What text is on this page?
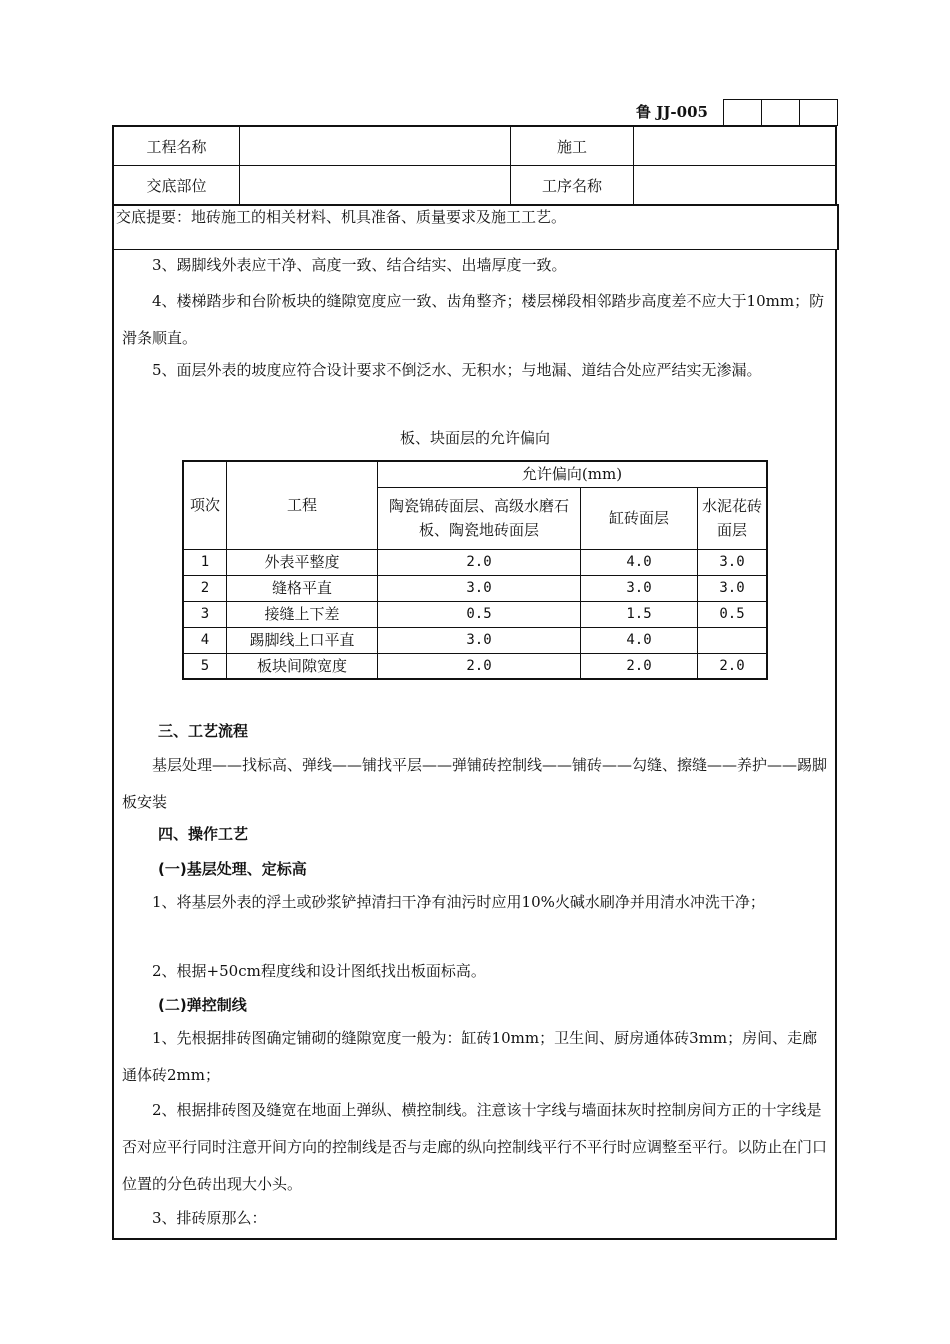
鲁 JJ-005
工程名称		施工	
交底部位		工序名称	
交底提要：地砖施工的相关材料、机具准备、质量要求及施工工艺。
3、踢脚线外表应干净、高度一致、结合结实、出墙厚度一致。
4、楼梯踏步和台阶板块的缝隙宽度应一致、齿角整齐；楼层梯段相邻踏步高度差不应大于10mm；防滑条顺直。
5、面层外表的坡度应符合设计要求不倒泛水、无积水；与地漏、道结合处应严结实无渗漏。
板、块面层的允许偏向
项次	工程	允许偏向(mm)		
		陶瓷锦砖面层、高级水磨石板、陶瓷地砖面层	缸砖面层	水泥花砖面层
1	外表平整度	2.0	4.0	3.0
2	缝格平直	3.0	3.0	3.0
3	接缝上下差	0.5	1.5	0.5
4	踢脚线上口平直	3.0	4.0	
5	板块间隙宽度	2.0	2.0	2.0
三、工艺流程
基层处理——找标高、弹线——铺找平层——弹铺砖控制线——铺砖——勾缝、擦缝——养护——踢脚板安装
四、操作工艺
(一)基层处理、定标高
1、将基层外表的浮土或砂浆铲掉清扫干净有油污时应用10%火碱水刷净并用清水冲洗干净；
2、根据+50cm程度线和设计图纸找出板面标高。
(二)弹控制线
1、先根据排砖图确定铺砌的缝隙宽度一般为：缸砖10mm；卫生间、厨房通体砖3mm；房间、走廊通体砖2mm；
2、根据排砖图及缝宽在地面上弹纵、横控制线。注意该十字线与墙面抹灰时控制房间方正的十字线是否对应平行同时注意开间方向的控制线是否与走廊的纵向控制线平行不平行时应调整至平行。以防止在门口位置的分色砖出现大小头。
3、排砖原那么：
